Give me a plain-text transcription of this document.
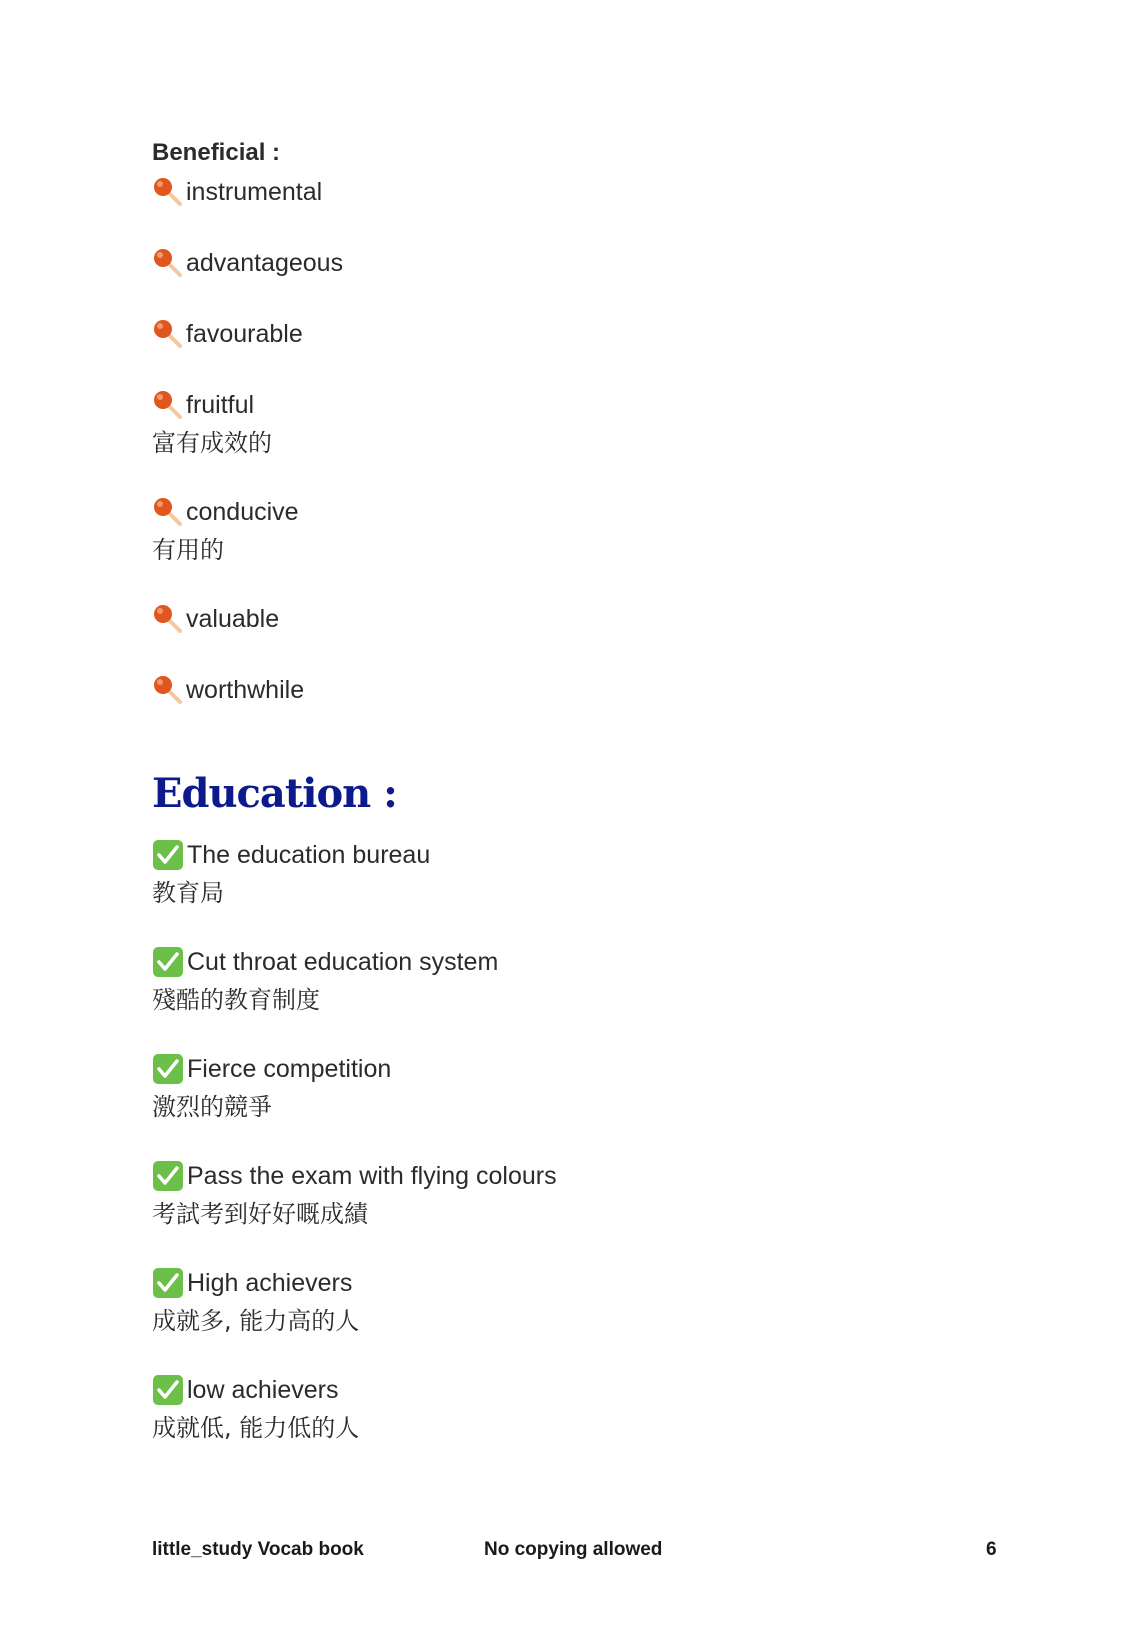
Beneficial :
instrumental
advantageous
favourable
fruitful
富有成效的
conducive
有用的
valuable
worthwhile
Education :
The education bureau
教育局
Cut throat education system
殘酷的教育制度
Fierce competition
激烈的競爭
Pass the exam with flying colours
考試考到好好嘅成績
High achievers
成就多, 能力高的人
low achievers
成就低, 能力低的人
little_study Vocab book	No copying allowed	6
